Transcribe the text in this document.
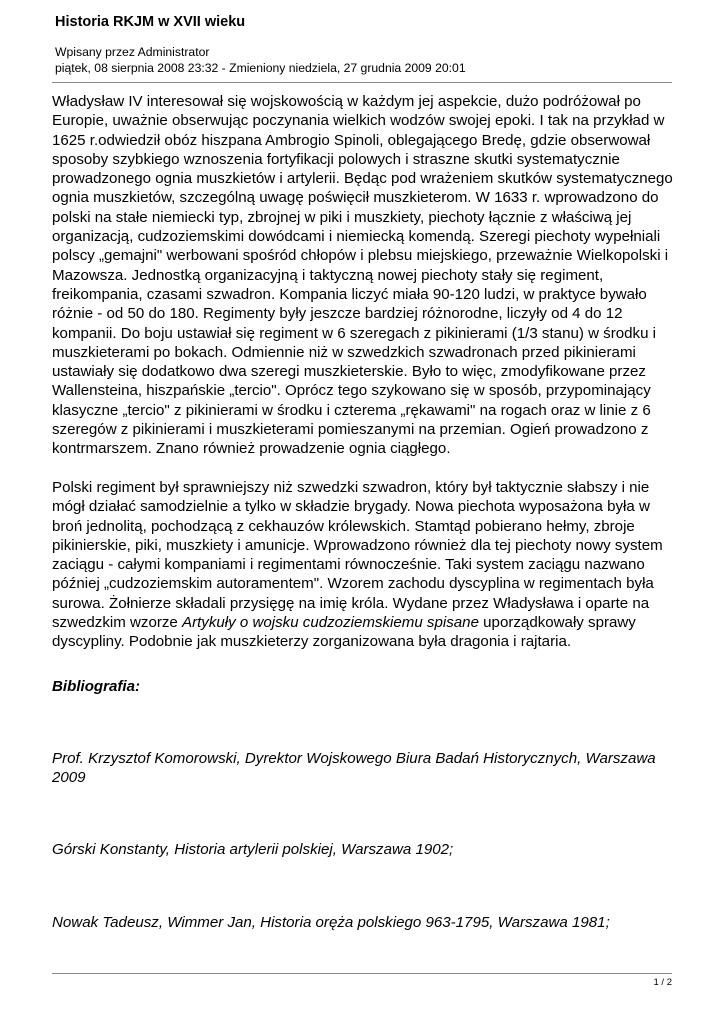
Historia RKJM w XVII wieku
Wpisany przez Administrator
piątek, 08 sierpnia 2008 23:32 - Zmieniony niedziela, 27 grudnia 2009 20:01

Władysław IV interesował się wojskowością w każdym jej aspekcie, dużo podróżował po Europie, uważnie obserwując poczynania wielkich wodzów swojej epoki. I tak na przykład w 1625 r.odwiedził obóz hiszpana Ambrogio Spinoli, oblegającego Bredę, gdzie obserwował sposoby szybkiego wznoszenia fortyfikacji polowych i straszne skutki systematycznie prowadzonego ognia muszkietów i artylerii. Będąc pod wrażeniem skutków systematycznego ognia muszkietów, szczególną uwagę poświęcił muszkieterom. W 1633 r. wprowadzono do polski na stałe niemiecki typ, zbrojnej w piki i muszkiety, piechoty łącznie z właściwą jej organizacją, cudzoziemskimi dowódcami i niemiecką komendą. Szeregi piechoty wypełniali polscy „gemajni" werbowani spośród chłopów i plebsu miejskiego, przeważnie Wielkopolski i Mazowsza. Jednostką organizacyjną i taktyczną nowej piechoty stały się regiment, freikompania, czasami szwadron. Kompania liczyć miała 90-120 ludzi, w praktyce bywało różnie - od 50 do 180. Regimenty były jeszcze bardziej różnorodne, liczyły od 4 do 12 kompanii. Do boju ustawiał się regiment w 6 szeregach z pikinierami (1/3 stanu) w środku i muszkieterami po bokach. Odmiennie niż w szwedzkich szwadronach przed pikinierami ustawiały się dodatkowo dwa szeregi muszkieterskie. Było to więc, zmodyfikowane przez Wallensteina, hiszpańskie „tercio". Oprócz tego szykowano się w sposób, przypominający klasyczne „tercio" z pikinierami w środku i czterema „rękawami" na rogach oraz w linie z 6 szeregów z pikinierami i muszkieterami pomieszanymi na przemian. Ogień prowadzono z kontrmarszem. Znano również prowadzenie ognia ciągłego.

Polski regiment był sprawniejszy niż szwedzki szwadron, który był taktycznie słabszy i nie mógł działać samodzielnie a tylko w składzie brygady. Nowa piechota wyposażona była w broń jednolitą, pochodzącą z cekhauzów królewskich. Stamtąd pobierano hełmy, zbroje pikinierskie, piki, muszkiety i amunicje. Wprowadzono również dla tej piechoty nowy system zaciągu - całymi kompaniami i regimentami równocześnie. Taki system zaciągu nazwano później „cudzoziemskim autoramentem". Wzorem zachodu dyscyplina w regimentach była surowa. Żołnierze składali przysięgę na imię króla. Wydane przez Władysława i oparte na szwedzkim wzorze Artykuły o wojsku cudzoziemskiemu spisane uporządkowały sprawy dyscypliny. Podobnie jak muszkieterzy zorganizowana była dragonia i rajtaria.

Bibliografia:
Prof. Krzysztof Komorowski, Dyrektor Wojskowego Biura Badań Historycznych, Warszawa 2009
Górski Konstanty, Historia artylerii polskiej, Warszawa 1902;
Nowak Tadeusz, Wimmer Jan, Historia oręża polskiego 963-1795, Warszawa 1981;
1 / 2
